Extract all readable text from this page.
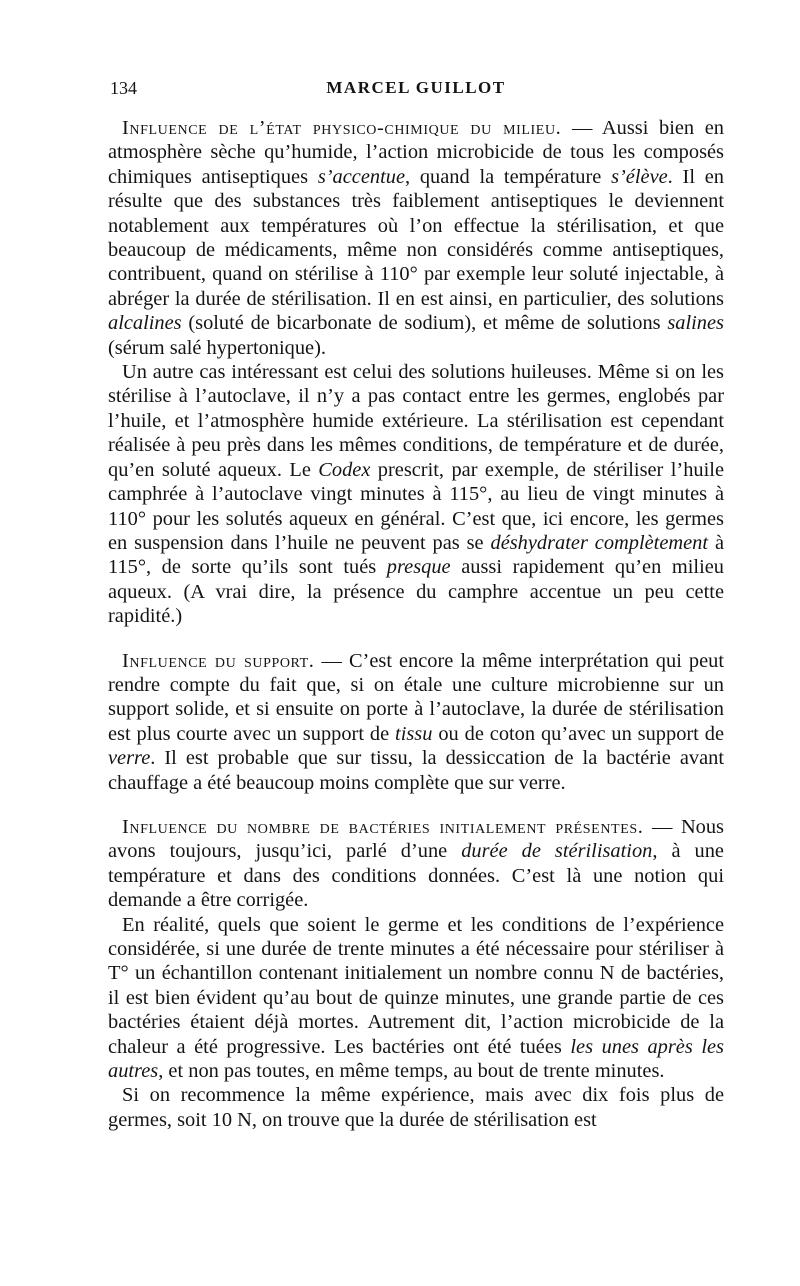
134	MARCEL GUILLOT

Influence de l’état physico-chimique du milieu. — Aussi bien en atmosphère sèche qu’humide, l’action microbicide de tous les composés chimiques antiseptiques s’accentue, quand la température s’élève. Il en résulte que des substances très faiblement antiseptiques le deviennent notablement aux températures où l’on effectue la stérilisation, et que beaucoup de médicaments, même non considérés comme antiseptiques, contribuent, quand on stérilise à 110° par exemple leur soluté injectable, à abréger la durée de stérilisation. Il en est ainsi, en particulier, des solutions alcalines (soluté de bicarbonate de sodium), et même de solutions salines (sérum salé hypertonique).

Un autre cas intéressant est celui des solutions huileuses. Même si on les stérilise à l’autoclave, il n’y a pas contact entre les germes, englobés par l’huile, et l’atmosphère humide extérieure. La stérilisation est cependant réalisée à peu près dans les mêmes conditions, de température et de durée, qu’en soluté aqueux. Le Codex prescrit, par exemple, de stériliser l’huile camphrée à l’autoclave vingt minutes à 115°, au lieu de vingt minutes à 110° pour les solutés aqueux en général. C’est que, ici encore, les germes en suspension dans l’huile ne peuvent pas se déshydrater complètement à 115°, de sorte qu’ils sont tués presque aussi rapidement qu’en milieu aqueux. (A vrai dire, la présence du camphre accentue un peu cette rapidité.)

Influence du support. — C’est encore la même interprétation qui peut rendre compte du fait que, si on étale une culture microbienne sur un support solide, et si ensuite on porte à l’autoclave, la durée de stérilisation est plus courte avec un support de tissu ou de coton qu’avec un support de verre. Il est probable que sur tissu, la dessiccation de la bactérie avant chauffage a été beaucoup moins complète que sur verre.

Influence du nombre de bactéries initialement présentes. — Nous avons toujours, jusqu’ici, parlé d’une durée de stérilisation, à une température et dans des conditions données. C’est là une notion qui demande a être corrigée.

En réalité, quels que soient le germe et les conditions de l’expérience considérée, si une durée de trente minutes a été nécessaire pour stériliser à T° un échantillon contenant initialement un nombre connu N de bactéries, il est bien évident qu’au bout de quinze minutes, une grande partie de ces bactéries étaient déjà mortes. Autrement dit, l’action microbicide de la chaleur a été progressive. Les bactéries ont été tuées les unes après les autres, et non pas toutes, en même temps, au bout de trente minutes.

Si on recommence la même expérience, mais avec dix fois plus de germes, soit 10 N, on trouve que la durée de stérilisation est
